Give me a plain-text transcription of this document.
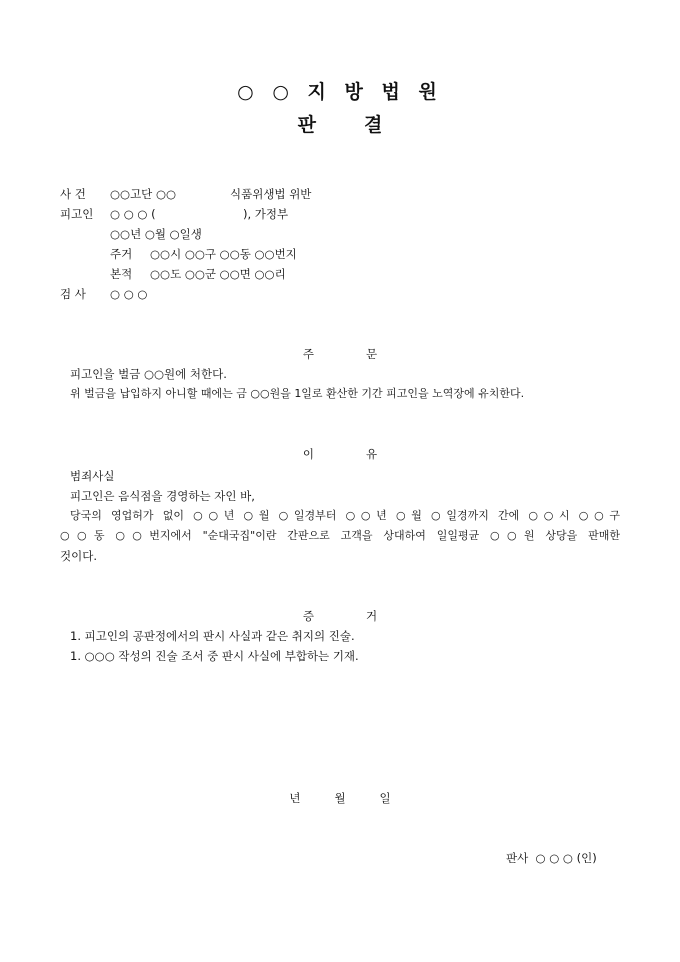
○ ○ 지 방 법 원
판	결
사 건 ○○고단 ○○	식품위생법 위반
피고인 ○ ○ ○ (	), 가정부
○○년 ○월 ○일생
주거 ○○시 ○○구 ○○동 ○○번지
본적 ○○도 ○○군 ○○면 ○○리
검 사 ○ ○ ○
주	문
피고인을 벌금 ○○원에 처한다.
위 벌금을 납입하지 아니할 때에는 금 ○○원을 1일로 환산한 기간 피고인을 노역장에 유치한다.
이	유
범죄사실
피고인은 음식점을 경영하는 자인 바,
당국의 영업허가 없이 ○○년 ○월 ○일경부터 ○○년 ○월 ○일경까지 간에 ○○시 ○○구
○○동 ○○번지에서 "순대국집"이란 간판으로 고객을 상대하여 일일평균 ○○원 상당을 판매한
것이다.
증	거
1. 피고인의 공판정에서의 판시 사실과 같은 취지의 진술.
1. ○○○ 작성의 진술 조서 중 판시 사실에 부합하는 기재.
년	월	일
판사  ○ ○ ○ (인)
